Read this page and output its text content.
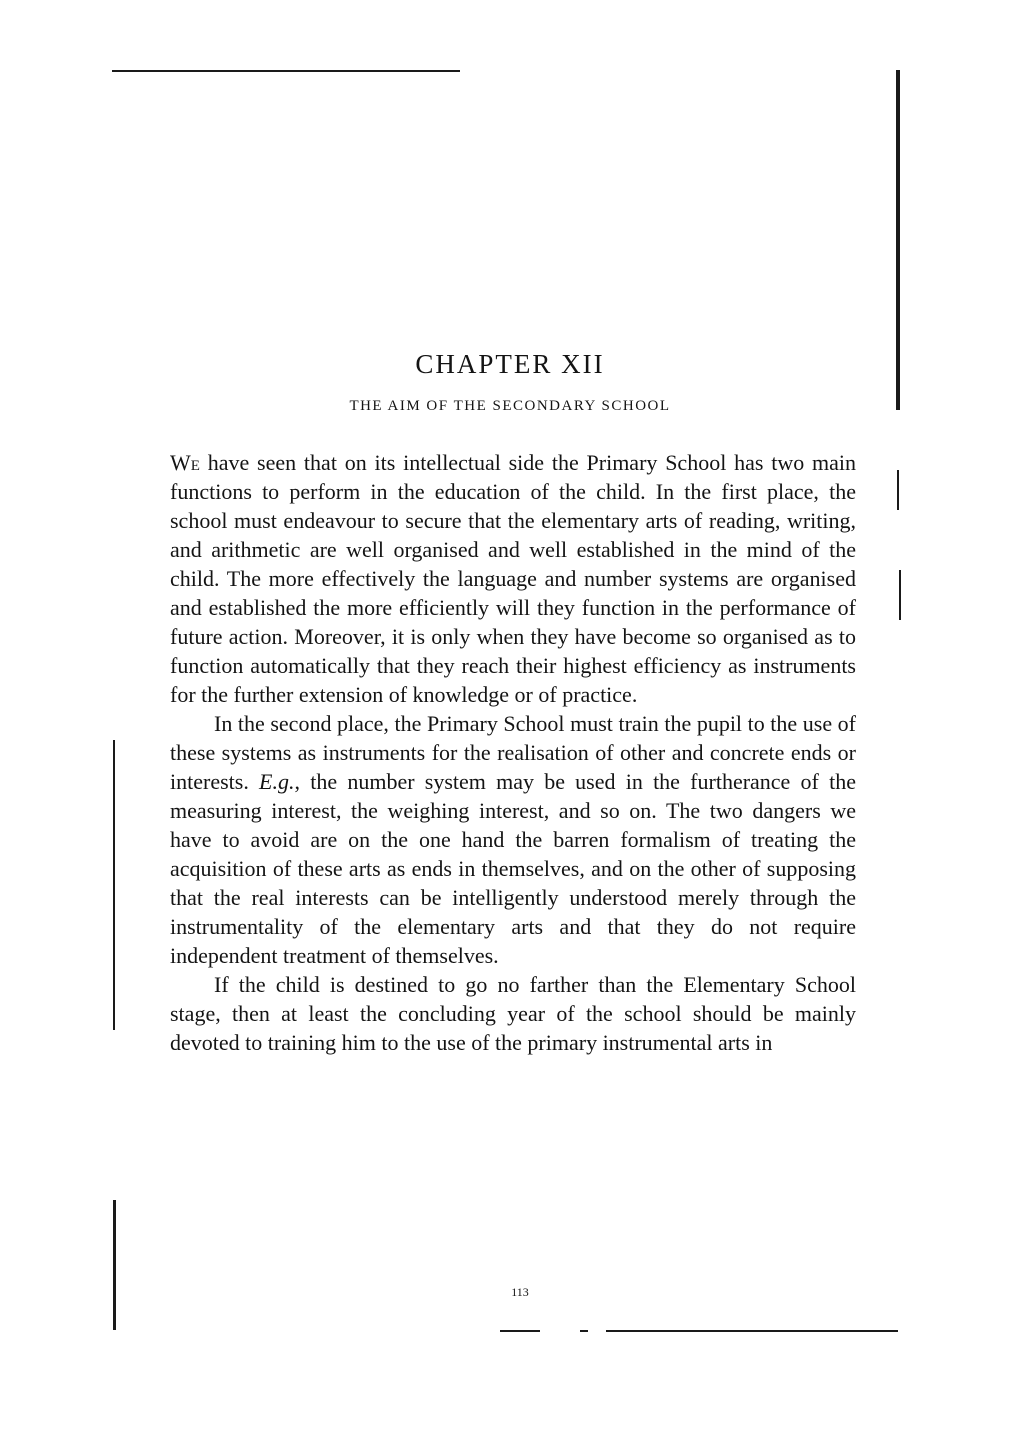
CHAPTER XII
THE AIM OF THE SECONDARY SCHOOL

We have seen that on its intellectual side the Primary School has two main functions to perform in the education of the child. In the first place, the school must endeavour to secure that the elementary arts of reading, writing, and arithmetic are well organised and well established in the mind of the child. The more effectively the language and number systems are organised and established the more efficiently will they function in the performance of future action. Moreover, it is only when they have become so organised as to function automatically that they reach their highest efficiency as instruments for the further extension of knowledge or of practice.

In the second place, the Primary School must train the pupil to the use of these systems as instruments for the realisation of other and concrete ends or interests. E.g., the number system may be used in the furtherance of the measuring interest, the weighing interest, and so on. The two dangers we have to avoid are on the one hand the barren formalism of treating the acquisition of these arts as ends in themselves, and on the other of supposing that the real interests can be intelligently understood merely through the instrumentality of the elementary arts and that they do not require independent treatment of themselves.

If the child is destined to go no farther than the Elementary School stage, then at least the concluding year of the school should be mainly devoted to training him to the use of the primary instrumental arts in

113
